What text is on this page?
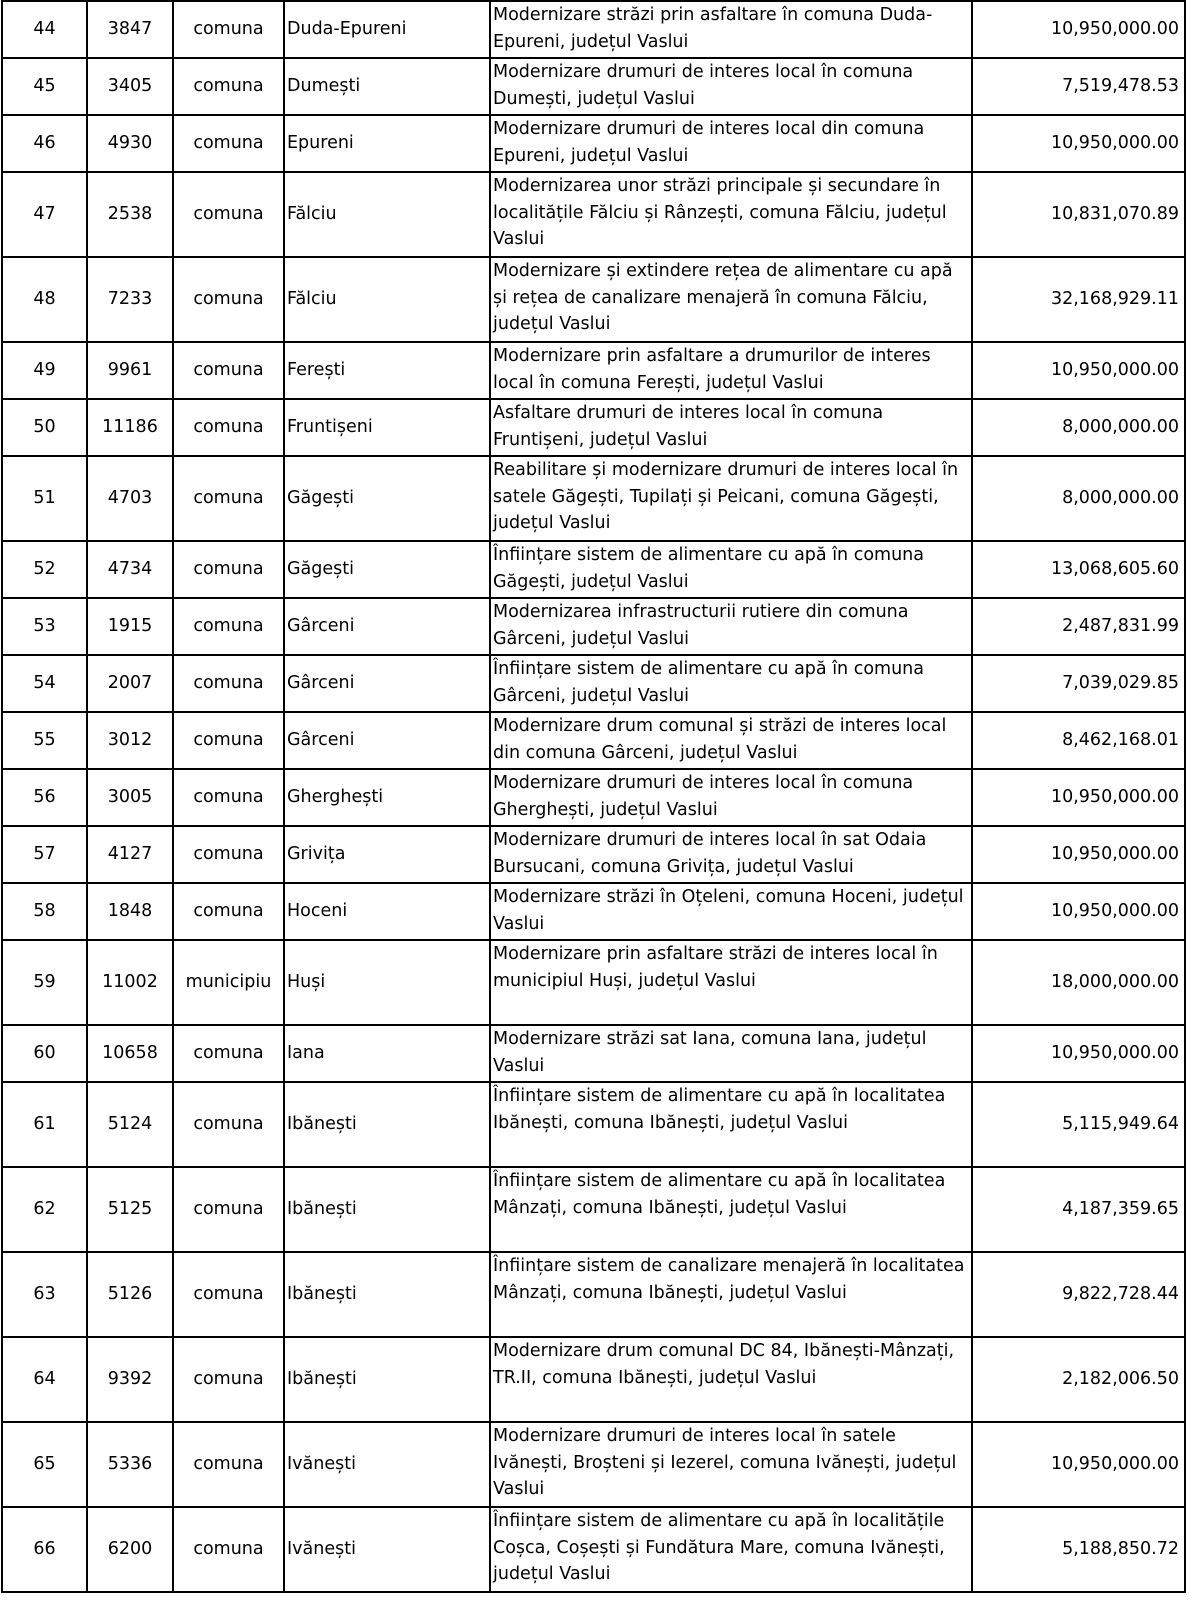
44	3847	comuna	Duda-Epureni	Modernizare străzi prin asfaltare în comuna Duda-Epureni, județul Vaslui	10,950,000.00
45	3405	comuna	Dumești	Modernizare drumuri de interes local în comuna Dumești, județul Vaslui	7,519,478.53
46	4930	comuna	Epureni	Modernizare drumuri de interes local din comuna Epureni, județul Vaslui	10,950,000.00
47	2538	comuna	Fălciu	Modernizarea unor străzi principale și secundare în localitățile Fălciu și Rânzești, comuna Fălciu, județul Vaslui	10,831,070.89
48	7233	comuna	Fălciu	Modernizare și extindere rețea de alimentare cu apă și rețea de canalizare menajeră în comuna Fălciu, județul Vaslui	32,168,929.11
49	9961	comuna	Ferești	Modernizare prin asfaltare a drumurilor de interes local în comuna Ferești, județul Vaslui	10,950,000.00
50	11186	comuna	Fruntișeni	Asfaltare drumuri de interes local în comuna Fruntișeni, județul Vaslui	8,000,000.00
51	4703	comuna	Găgești	Reabilitare și modernizare drumuri de interes local în satele Găgești, Tupilați și Peicani, comuna Găgești, județul Vaslui	8,000,000.00
52	4734	comuna	Găgești	Înființare sistem de alimentare cu apă în comuna Găgești, județul Vaslui	13,068,605.60
53	1915	comuna	Gârceni	Modernizarea infrastructurii rutiere din comuna Gârceni, județul Vaslui	2,487,831.99
54	2007	comuna	Gârceni	Înființare sistem de alimentare cu apă în comuna Gârceni, județul Vaslui	7,039,029.85
55	3012	comuna	Gârceni	Modernizare drum comunal și străzi de interes local din comuna Gârceni, județul Vaslui	8,462,168.01
56	3005	comuna	Gherghești	Modernizare drumuri de interes local în comuna Gherghești, județul Vaslui	10,950,000.00
57	4127	comuna	Grivița	Modernizare drumuri de interes local în sat Odaia Bursucani, comuna Grivița, județul Vaslui	10,950,000.00
58	1848	comuna	Hoceni	Modernizare străzi în Oțeleni, comuna Hoceni, județul Vaslui	10,950,000.00
59	11002	municipiu	Huși	Modernizare prin asfaltare străzi de interes local în municipiul Huși, județul Vaslui	18,000,000.00
60	10658	comuna	Iana	Modernizare străzi sat Iana, comuna Iana, județul Vaslui	10,950,000.00
61	5124	comuna	Ibănești	Înființare sistem de alimentare cu apă în localitatea Ibănești, comuna Ibănești, județul Vaslui	5,115,949.64
62	5125	comuna	Ibănești	Înființare sistem de alimentare cu apă în localitatea Mânzați, comuna Ibănești, județul Vaslui	4,187,359.65
63	5126	comuna	Ibănești	Înființare sistem de canalizare menajeră în localitatea Mânzați, comuna Ibănești, județul Vaslui	9,822,728.44
64	9392	comuna	Ibănești	Modernizare drum comunal DC 84, Ibănești-Mânzați, TR.II, comuna Ibănești, județul Vaslui	2,182,006.50
65	5336	comuna	Ivănești	Modernizare drumuri de interes local în satele Ivănești, Broșteni și Iezerel, comuna Ivănești, județul Vaslui	10,950,000.00
66	6200	comuna	Ivănești	Înființare sistem de alimentare cu apă în localitățile Coșca, Coșești și Fundătura Mare, comuna Ivănești, județul Vaslui	5,188,850.72
